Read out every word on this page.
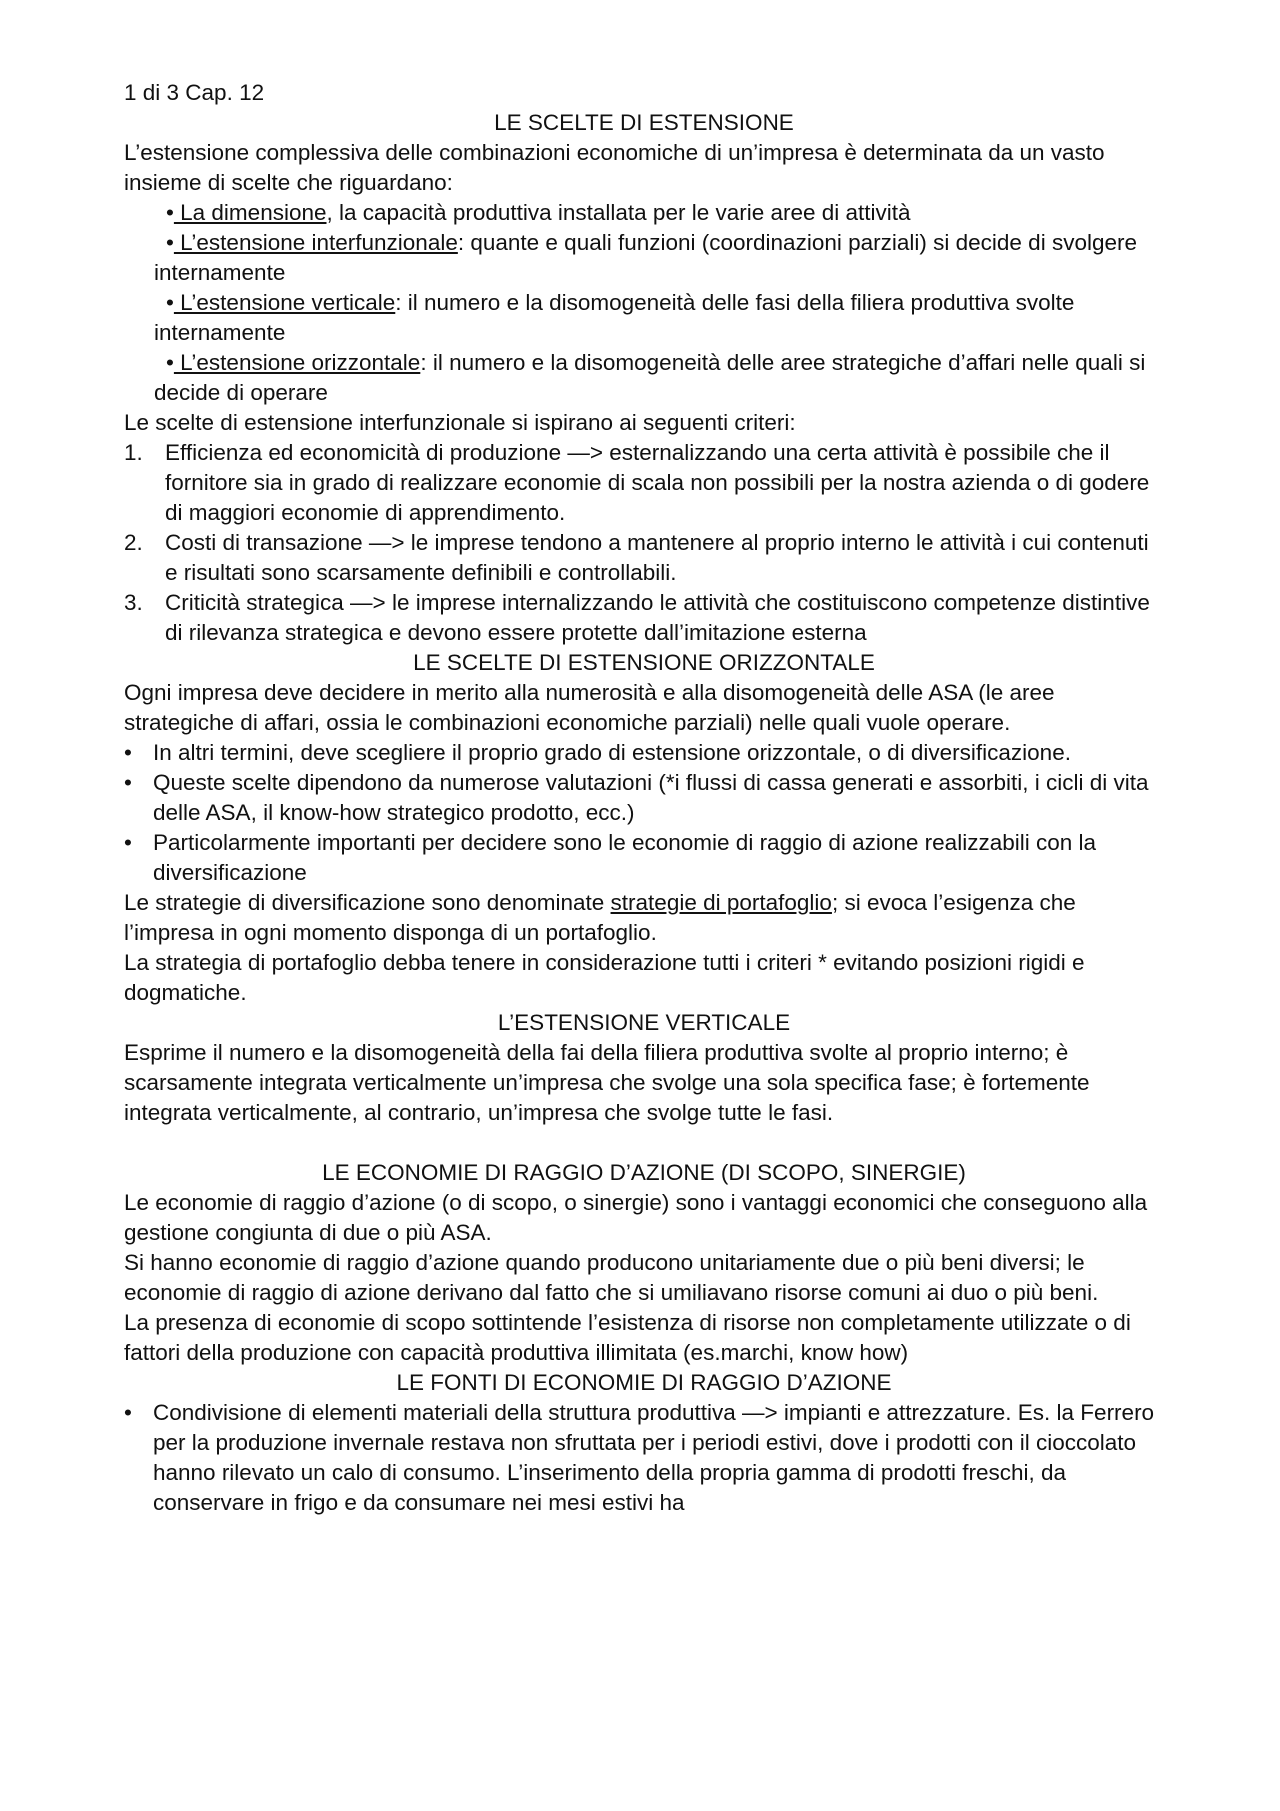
1 di 3 Cap. 12

LE SCELTE DI ESTENSIONE

L’estensione complessiva delle combinazioni economiche di un’impresa è determinata da un vasto insieme di scelte che riguardano:

• La dimensione, la capacità produttiva installata per le varie aree di attività
• L’estensione interfunzionale: quante e quali funzioni (coordinazioni parziali) si decide di svolgere internamente
• L’estensione verticale: il numero e la disomogeneità delle fasi della filiera produttiva svolte internamente
• L’estensione orizzontale: il numero e la disomogeneità delle aree strategiche d’affari nelle quali si decide di operare

Le scelte di estensione interfunzionale si ispirano ai seguenti criteri:

1. Efficienza ed economicità di produzione —> esternalizzando una certa attività è possibile che il fornitore sia in grado di realizzare economie di scala non possibili per la nostra azienda o di godere di maggiori economie di apprendimento.
2. Costi di transazione —> le imprese tendono a mantenere al proprio interno le attività i cui contenuti e risultati sono scarsamente definibili e controllabili.
3. Criticità strategica —> le imprese internalizzando le attività che costituiscono competenze distintive di rilevanza strategica e devono essere protette dall’imitazione esterna

LE SCELTE DI ESTENSIONE ORIZZONTALE

Ogni impresa deve decidere in merito alla numerosità e alla disomogeneità delle ASA (le aree strategiche di affari, ossia le combinazioni economiche parziali) nelle quali vuole operare.

• In altri termini, deve scegliere il proprio grado di estensione orizzontale, o di diversificazione.
• Queste scelte dipendono da numerose valutazioni (*i flussi di cassa generati e assorbiti, i cicli di vita delle ASA, il know-how strategico prodotto, ecc.)
• Particolarmente importanti per decidere sono le economie di raggio di azione realizzabili con la diversificazione

Le strategie di diversificazione sono denominate strategie di portafoglio; si evoca l’esigenza che l’impresa in ogni momento disponga di un portafoglio.

La strategia di portafoglio debba tenere in considerazione tutti i criteri * evitando posizioni rigidi e dogmatiche.

L’ESTENSIONE VERTICALE

Esprime il numero e la disomogeneità della fai della filiera produttiva svolte al proprio interno; è scarsamente integrata verticalmente un’impresa che svolge una sola specifica fase; è fortemente integrata verticalmente, al contrario, un’impresa che svolge tutte le fasi.

LE ECONOMIE DI RAGGIO D’AZIONE (DI SCOPO, SINERGIE)

Le economie di raggio d’azione (o di scopo, o sinergie) sono i vantaggi economici che conseguono alla gestione congiunta di due o più ASA.

Si hanno economie di raggio d’azione quando producono unitariamente due o più beni diversi; le economie di raggio di azione derivano dal fatto che si umiliavano risorse comuni ai duo o più beni.

La presenza di economie di scopo sottintende l’esistenza di risorse non completamente utilizzate o di fattori della produzione con capacità produttiva illimitata (es.marchi, know how)

LE FONTI DI ECONOMIE DI RAGGIO D’AZIONE

• Condivisione di elementi materiali della struttura produttiva —> impianti e attrezzature. Es. la Ferrero per la produzione invernale restava non sfruttata per i periodi estivi, dove i prodotti con il cioccolato hanno rilevato un calo di consumo. L’inserimento della propria gamma di prodotti freschi, da conservare in frigo e da consumare nei mesi estivi ha
